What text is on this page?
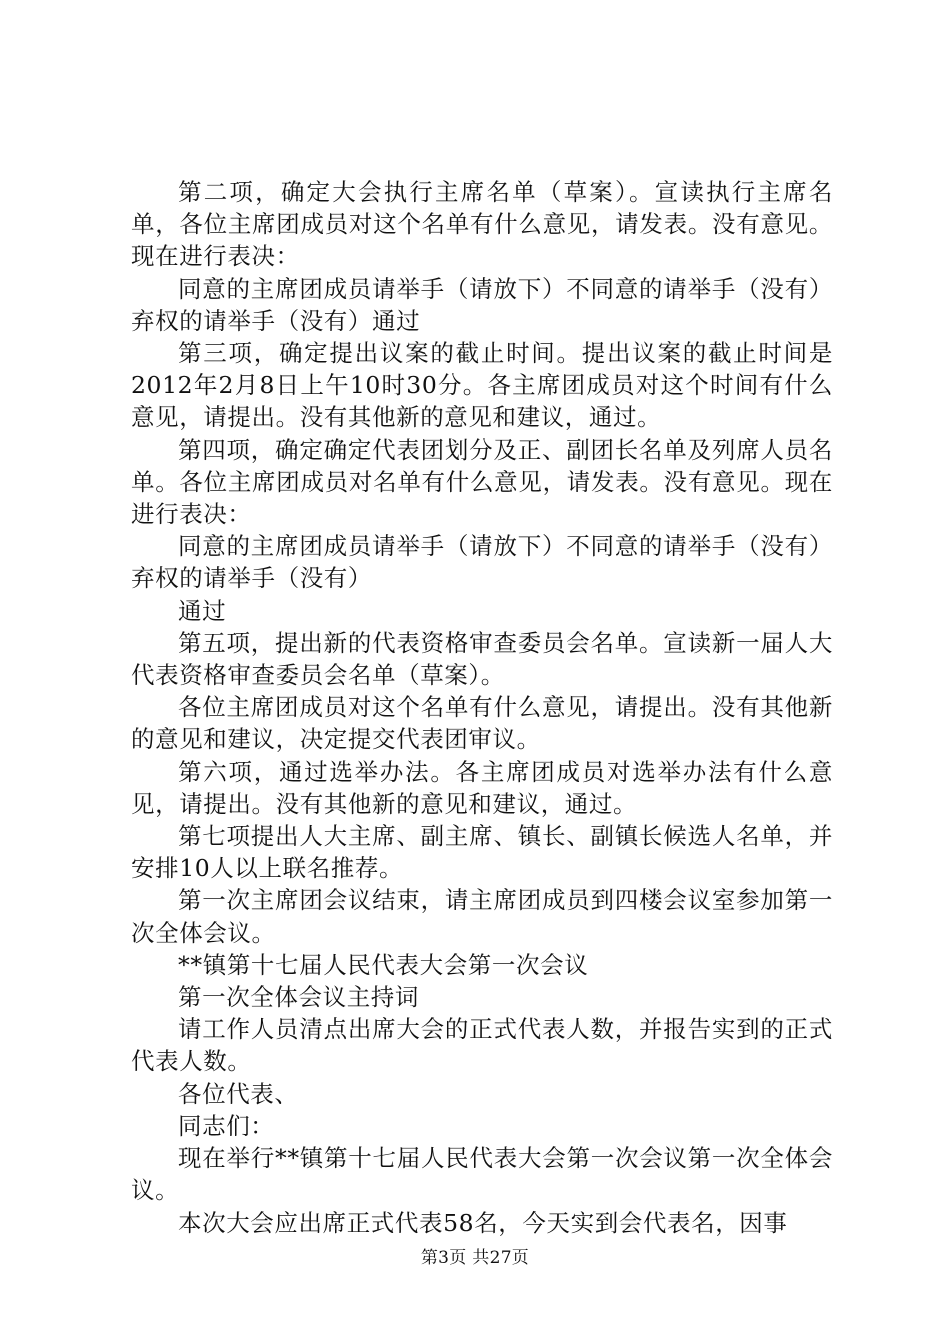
第二项，确定大会执行主席名单（草案）。宣读执行主席名单，各位主席团成员对这个名单有什么意见，请发表。没有意见。现在进行表决：

同意的主席团成员请举手（请放下）不同意的请举手（没有）弃权的请举手（没有）通过

第三项，确定提出议案的截止时间。提出议案的截止时间是2012年2月8日上午10时30分。各主席团成员对这个时间有什么意见，请提出。没有其他新的意见和建议，通过。

第四项，确定确定代表团划分及正、副团长名单及列席人员名单。各位主席团成员对名单有什么意见，请发表。没有意见。现在进行表决：

同意的主席团成员请举手（请放下）不同意的请举手（没有）弃权的请举手（没有）

通过

第五项，提出新的代表资格审查委员会名单。宣读新一届人大代表资格审查委员会名单（草案）。

各位主席团成员对这个名单有什么意见，请提出。没有其他新的意见和建议，决定提交代表团审议。

第六项，通过选举办法。各主席团成员对选举办法有什么意见，请提出。没有其他新的意见和建议，通过。

第七项提出人大主席、副主席、镇长、副镇长候选人名单，并安排10人以上联名推荐。

第一次主席团会议结束，请主席团成员到四楼会议室参加第一次全体会议。

**镇第十七届人民代表大会第一次会议

第一次全体会议主持词

请工作人员清点出席大会的正式代表人数，并报告实到的正式代表人数。

各位代表、

同志们：

现在举行**镇第十七届人民代表大会第一次会议第一次全体会议。

本次大会应出席正式代表58名，今天实到会代表名，因事

第3页 共27页
